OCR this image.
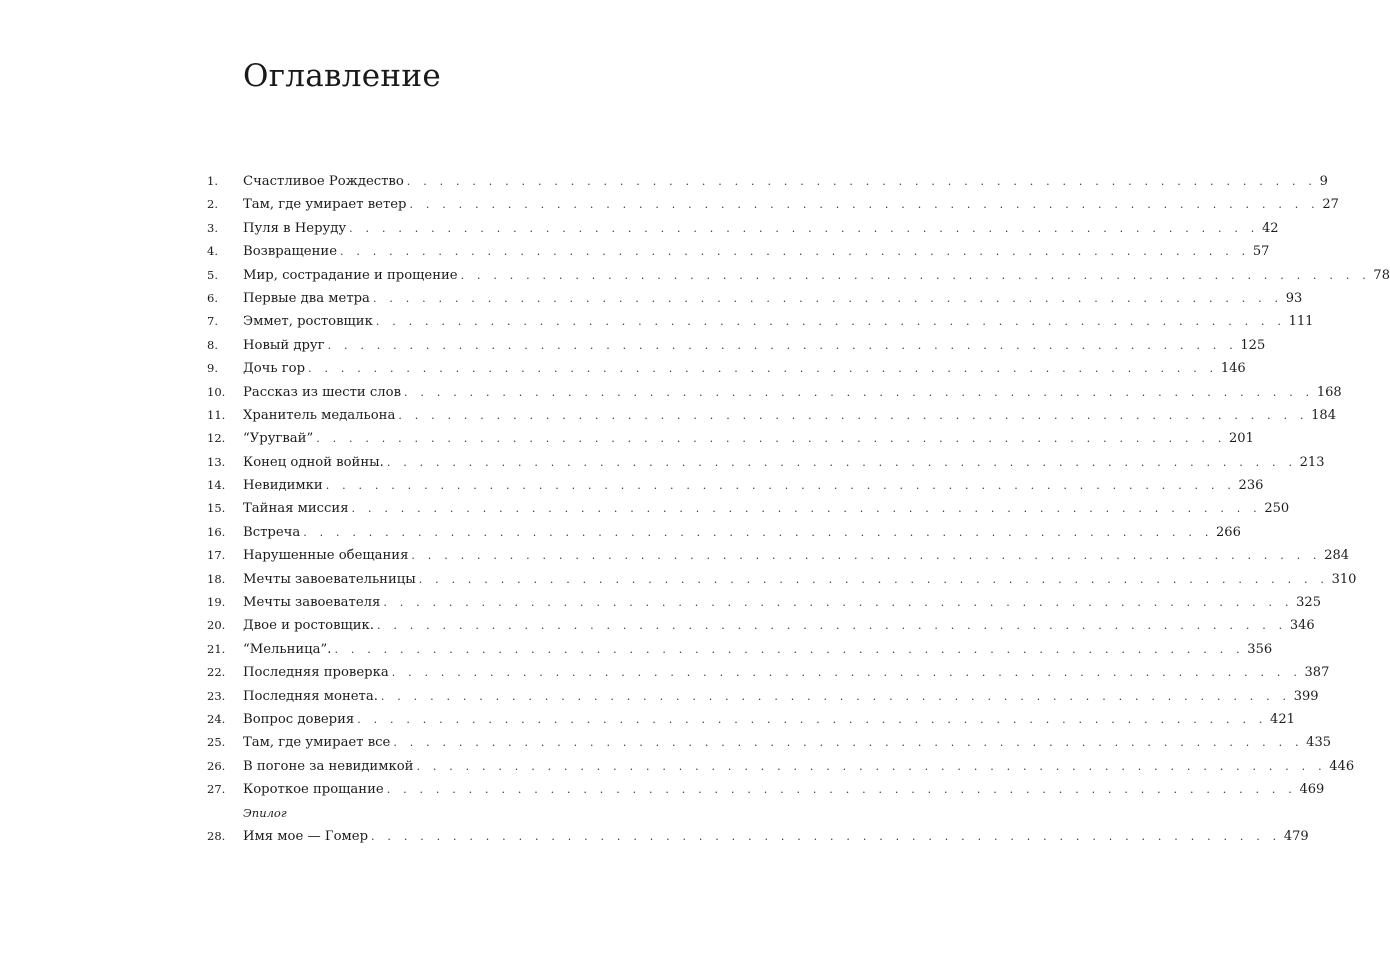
Оглавление
1.	Счастливое Рождество . . . . . . . . . . . . . . . . . . . . . . . . . . . . . . . . . . . . . . . . . . . . . . . . . . . . . . . . 9
2.	Там, где умирает ветер . . . . . . . . . . . . . . . . . . . . . . . . . . . . . . . . . . . . . . . . . . . . . . . . . . . . . . . . 27
3.	Пуля в Неруду . . . . . . . . . . . . . . . . . . . . . . . . . . . . . . . . . . . . . . . . . . . . . . . . . . . . . . . . 42
4.	Возвращение . . . . . . . . . . . . . . . . . . . . . . . . . . . . . . . . . . . . . . . . . . . . . . . . . . . . . . . . 57
5.	Мир, сострадание и прощение . . . . . . . . . . . . . . . . . . . . . . . . . . . . . . . . . . . . . . . . . . . . . . . . . . . . . . . . 78
6.	Первые два метра . . . . . . . . . . . . . . . . . . . . . . . . . . . . . . . . . . . . . . . . . . . . . . . . . . . . . . . . 93
7.	Эммет, ростовщик . . . . . . . . . . . . . . . . . . . . . . . . . . . . . . . . . . . . . . . . . . . . . . . . . . . . . . . . 111
8.	Новый друг . . . . . . . . . . . . . . . . . . . . . . . . . . . . . . . . . . . . . . . . . . . . . . . . . . . . . . . . 125
9.	Дочь гор . . . . . . . . . . . . . . . . . . . . . . . . . . . . . . . . . . . . . . . . . . . . . . . . . . . . . . . . 146
10.	Рассказ из шести слов . . . . . . . . . . . . . . . . . . . . . . . . . . . . . . . . . . . . . . . . . . . . . . . . . . . . . . . . 168
11.	Хранитель медальона . . . . . . . . . . . . . . . . . . . . . . . . . . . . . . . . . . . . . . . . . . . . . . . . . . . . . . . . 184
12.	“Уругвай” . . . . . . . . . . . . . . . . . . . . . . . . . . . . . . . . . . . . . . . . . . . . . . . . . . . . . . . . 201
13.	Конец одной войны. . . . . . . . . . . . . . . . . . . . . . . . . . . . . . . . . . . . . . . . . . . . . . . . . . . . . . . . . 213
14.	Невидимки . . . . . . . . . . . . . . . . . . . . . . . . . . . . . . . . . . . . . . . . . . . . . . . . . . . . . . . . 236
15.	Тайная миссия . . . . . . . . . . . . . . . . . . . . . . . . . . . . . . . . . . . . . . . . . . . . . . . . . . . . . . . . 250
16.	Встреча . . . . . . . . . . . . . . . . . . . . . . . . . . . . . . . . . . . . . . . . . . . . . . . . . . . . . . . . 266
17.	Нарушенные обещания . . . . . . . . . . . . . . . . . . . . . . . . . . . . . . . . . . . . . . . . . . . . . . . . . . . . . . . . 284
18.	Мечты завоевательницы . . . . . . . . . . . . . . . . . . . . . . . . . . . . . . . . . . . . . . . . . . . . . . . . . . . . . . . . 310
19.	Мечты завоевателя . . . . . . . . . . . . . . . . . . . . . . . . . . . . . . . . . . . . . . . . . . . . . . . . . . . . . . . . 325
20.	Двое и ростовщик. . . . . . . . . . . . . . . . . . . . . . . . . . . . . . . . . . . . . . . . . . . . . . . . . . . . . . . . . 346
21.	“Мельница”. . . . . . . . . . . . . . . . . . . . . . . . . . . . . . . . . . . . . . . . . . . . . . . . . . . . . . . . . 356
22.	Последняя проверка . . . . . . . . . . . . . . . . . . . . . . . . . . . . . . . . . . . . . . . . . . . . . . . . . . . . . . . . 387
23.	Последняя монета. . . . . . . . . . . . . . . . . . . . . . . . . . . . . . . . . . . . . . . . . . . . . . . . . . . . . . . . . 399
24.	Вопрос доверия . . . . . . . . . . . . . . . . . . . . . . . . . . . . . . . . . . . . . . . . . . . . . . . . . . . . . . . . 421
25.	Там, где умирает все . . . . . . . . . . . . . . . . . . . . . . . . . . . . . . . . . . . . . . . . . . . . . . . . . . . . . . . . 435
26.	В погоне за невидимкой . . . . . . . . . . . . . . . . . . . . . . . . . . . . . . . . . . . . . . . . . . . . . . . . . . . . . . . . 446
27.	Короткое прощание . . . . . . . . . . . . . . . . . . . . . . . . . . . . . . . . . . . . . . . . . . . . . . . . . . . . . . . . 469
Эпилог
28.	Имя мое — Гомер . . . . . . . . . . . . . . . . . . . . . . . . . . . . . . . . . . . . . . . . . . . . . . . . . . . . . . . . 479
